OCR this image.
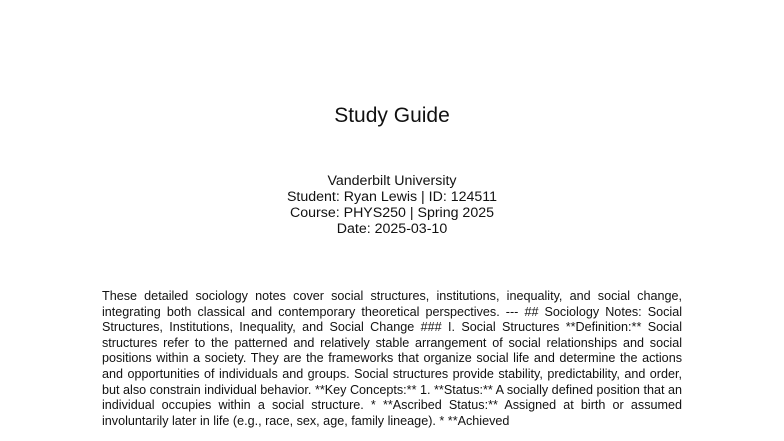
Study Guide
Vanderbilt University
Student: Ryan Lewis | ID: 124511
Course: PHYS250 | Spring 2025
Date: 2025-03-10

These detailed sociology notes cover social structures, institutions, inequality, and social change, integrating both classical and contemporary theoretical perspectives. --- ## Sociology Notes: Social Structures, Institutions, Inequality, and Social Change ### I. Social Structures **Definition:** Social structures refer to the patterned and relatively stable arrangement of social relationships and social positions within a society. They are the frameworks that organize social life and determine the actions and opportunities of individuals and groups. Social structures provide stability, predictability, and order, but also constrain individual behavior. **Key Concepts:** 1. **Status:** A socially defined position that an individual occupies within a social structure. * **Ascribed Status:** Assigned at birth or assumed involuntarily later in life (e.g., race, sex, age, family lineage). * **Achieved
